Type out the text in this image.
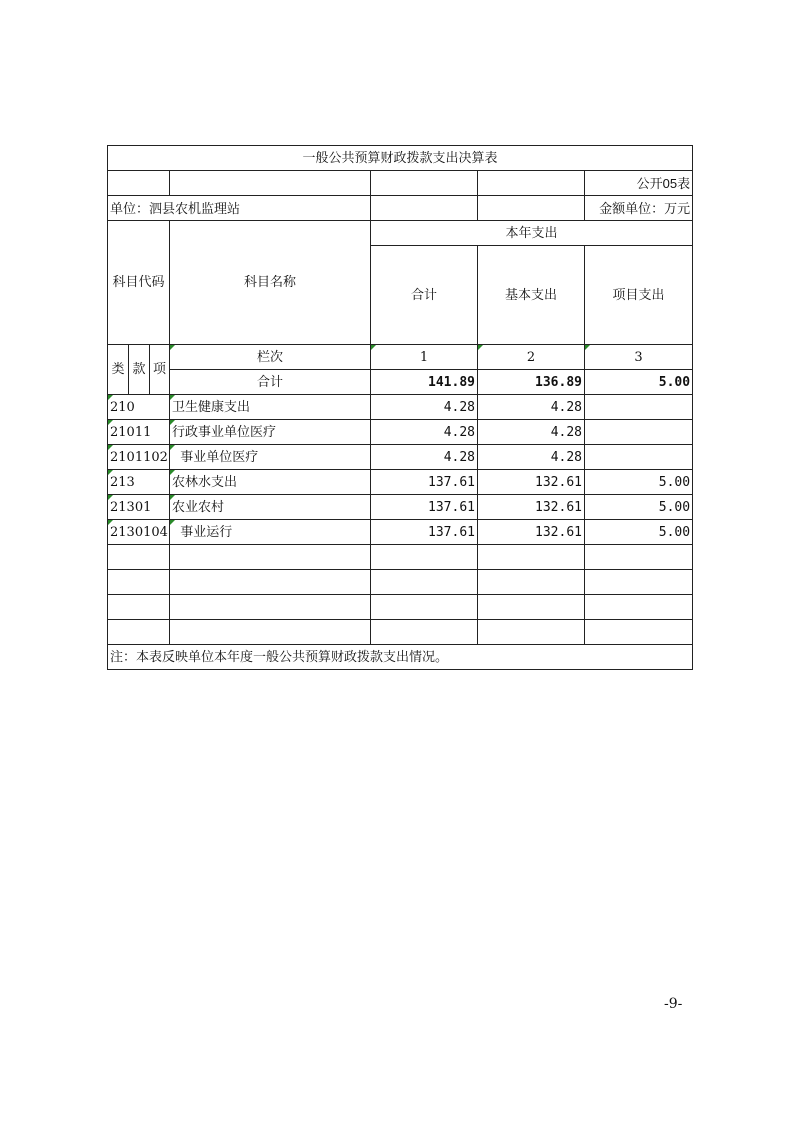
一般公共预算财政拨款支出决算表						
						公开05表
单位：泗县农机监理站						金额单位：万元
科目代码			科目名称	本年支出		
				合计	基本支出	项目支出
类	款	项	栏次	1	2	3
			合计	141.89	136.89	5.00
210			卫生健康支出	4.28	4.28	
21011			行政事业单位医疗	4.28	4.28	
2101102			事业单位医疗	4.28	4.28	
213			农林水支出	137.61	132.61	5.00
21301			农业农村	137.61	132.61	5.00
2130104			事业运行	137.61	132.61	5.00

注：本表反映单位本年度一般公共预算财政拨款支出情况。						
-9-
